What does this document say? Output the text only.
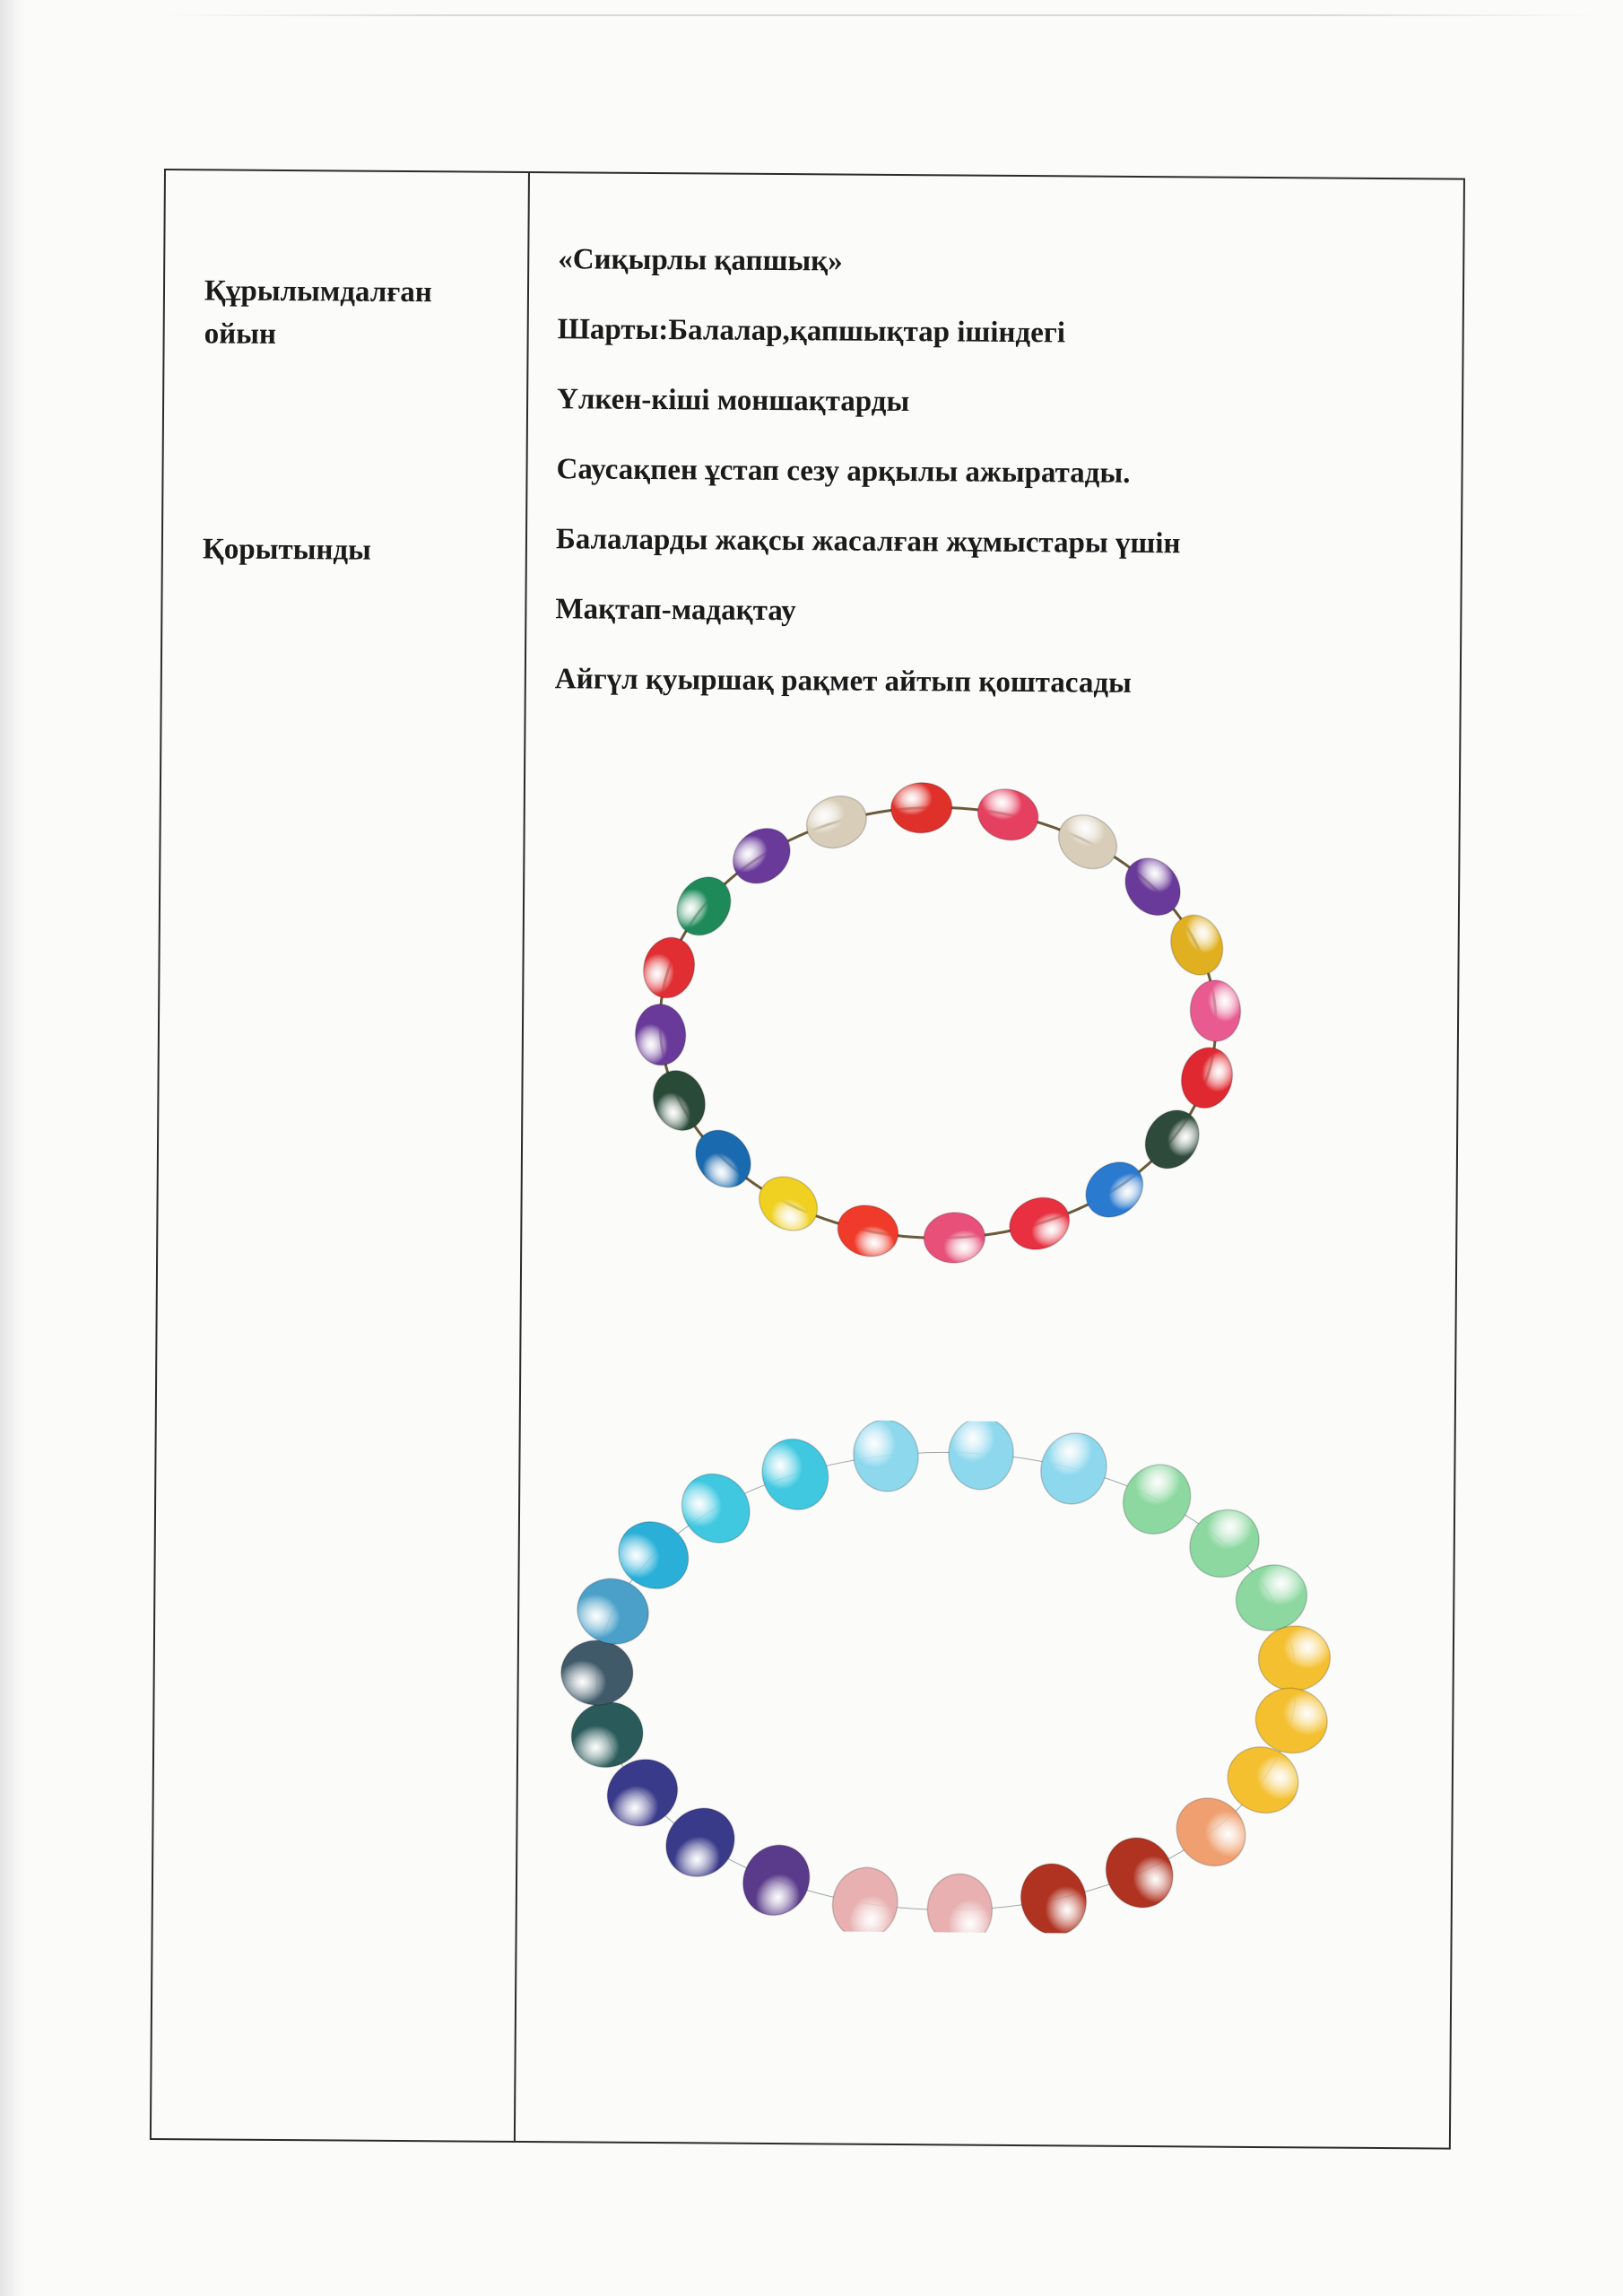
Құрылымдалған
ойын
Қорытынды
«Сиқырлы қапшық»
Шарты:Балалар,қапшықтар ішіндегі
Үлкен-кіші моншақтарды
Саусақпен ұстап сезу арқылы ажыратады.
Балаларды жақсы жасалған жұмыстары үшін
Мақтап-мадақтау
Айгүл қуыршақ рақмет айтып қоштасады
